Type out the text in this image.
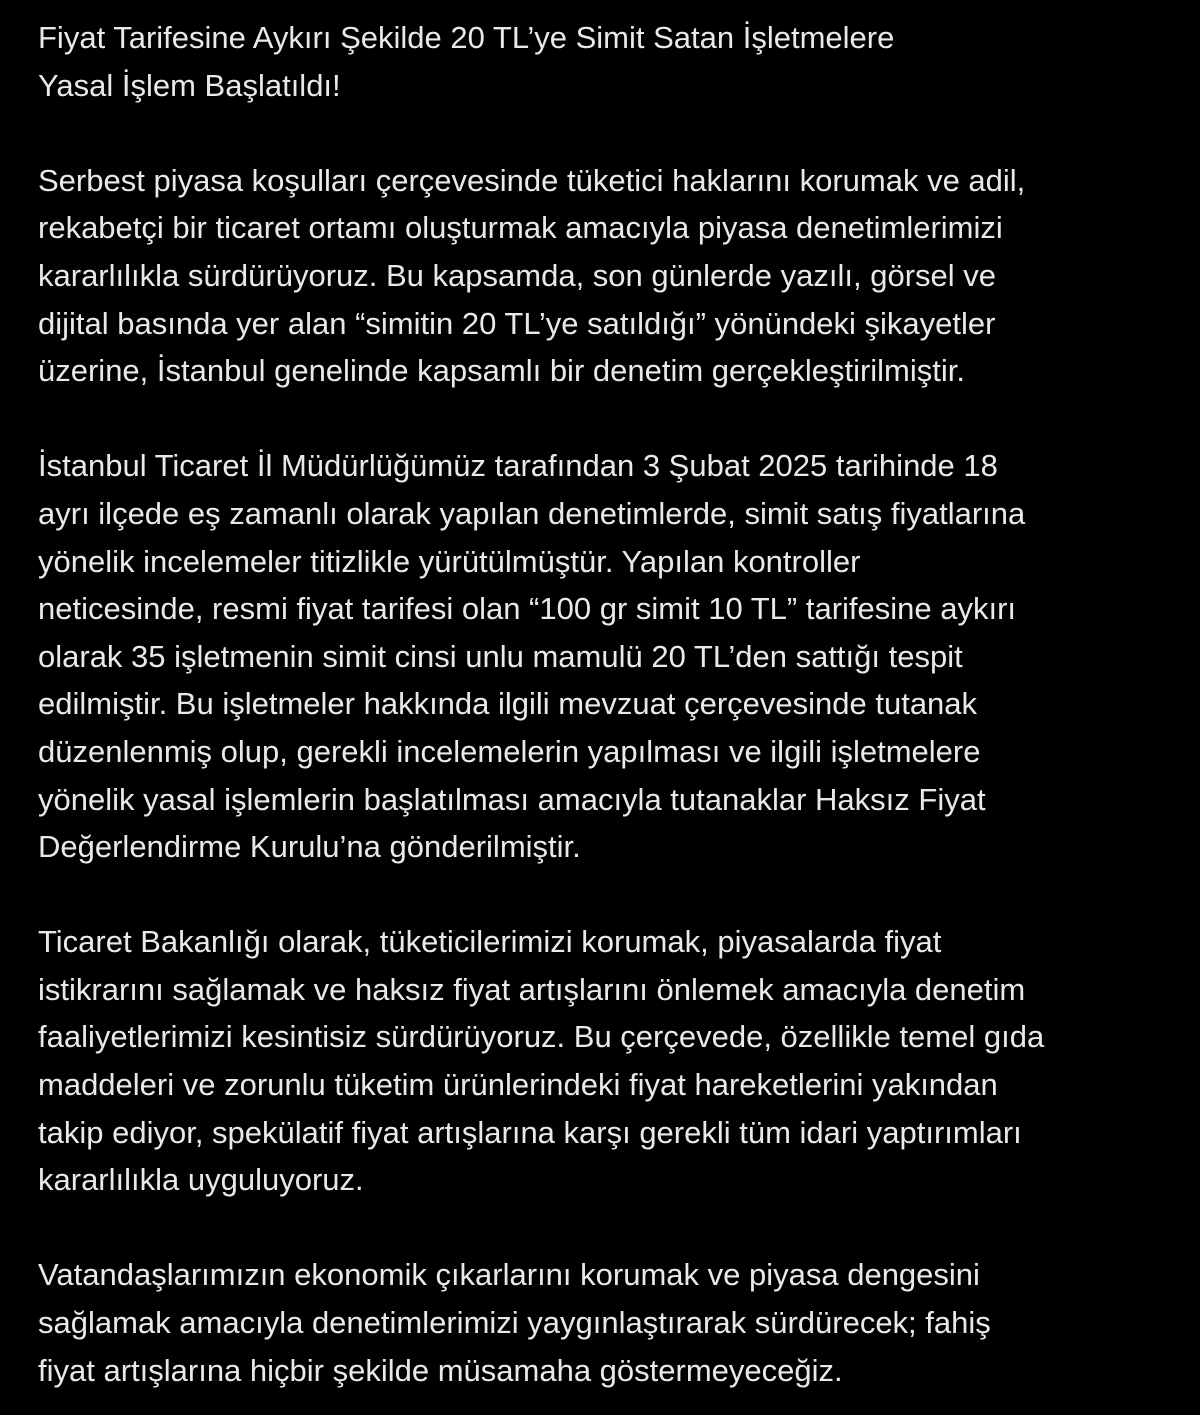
Fiyat Tarifesine Aykırı Şekilde 20 TL’ye Simit Satan İşletmelere
Yasal İşlem Başlatıldı!
Serbest piyasa koşulları çerçevesinde tüketici haklarını korumak ve adil,
rekabetçi bir ticaret ortamı oluşturmak amacıyla piyasa denetimlerimizi
kararlılıkla sürdürüyoruz. Bu kapsamda, son günlerde yazılı, görsel ve
dijital basında yer alan “simitin 20 TL’ye satıldığı” yönündeki şikayetler
üzerine, İstanbul genelinde kapsamlı bir denetim gerçekleştirilmiştir.
İstanbul Ticaret İl Müdürlüğümüz tarafından 3 Şubat 2025 tarihinde 18
ayrı ilçede eş zamanlı olarak yapılan denetimlerde, simit satış fiyatlarına
yönelik incelemeler titizlikle yürütülmüştür. Yapılan kontroller
neticesinde, resmi fiyat tarifesi olan “100 gr simit 10 TL” tarifesine aykırı
olarak 35 işletmenin simit cinsi unlu mamulü 20 TL’den sattığı tespit
edilmiştir. Bu işletmeler hakkında ilgili mevzuat çerçevesinde tutanak
düzenlenmiş olup, gerekli incelemelerin yapılması ve ilgili işletmelere
yönelik yasal işlemlerin başlatılması amacıyla tutanaklar Haksız Fiyat
Değerlendirme Kurulu’na gönderilmiştir.
Ticaret Bakanlığı olarak, tüketicilerimizi korumak, piyasalarda fiyat
istikrarını sağlamak ve haksız fiyat artışlarını önlemek amacıyla denetim
faaliyetlerimizi kesintisiz sürdürüyoruz. Bu çerçevede, özellikle temel gıda
maddeleri ve zorunlu tüketim ürünlerindeki fiyat hareketlerini yakından
takip ediyor, spekülatif fiyat artışlarına karşı gerekli tüm idari yaptırımları
kararlılıkla uyguluyoruz.
Vatandaşlarımızın ekonomik çıkarlarını korumak ve piyasa dengesini
sağlamak amacıyla denetimlerimizi yaygınlaştırarak sürdürecek; fahiş
fiyat artışlarına hiçbir şekilde müsamaha göstermeyeceğiz.
